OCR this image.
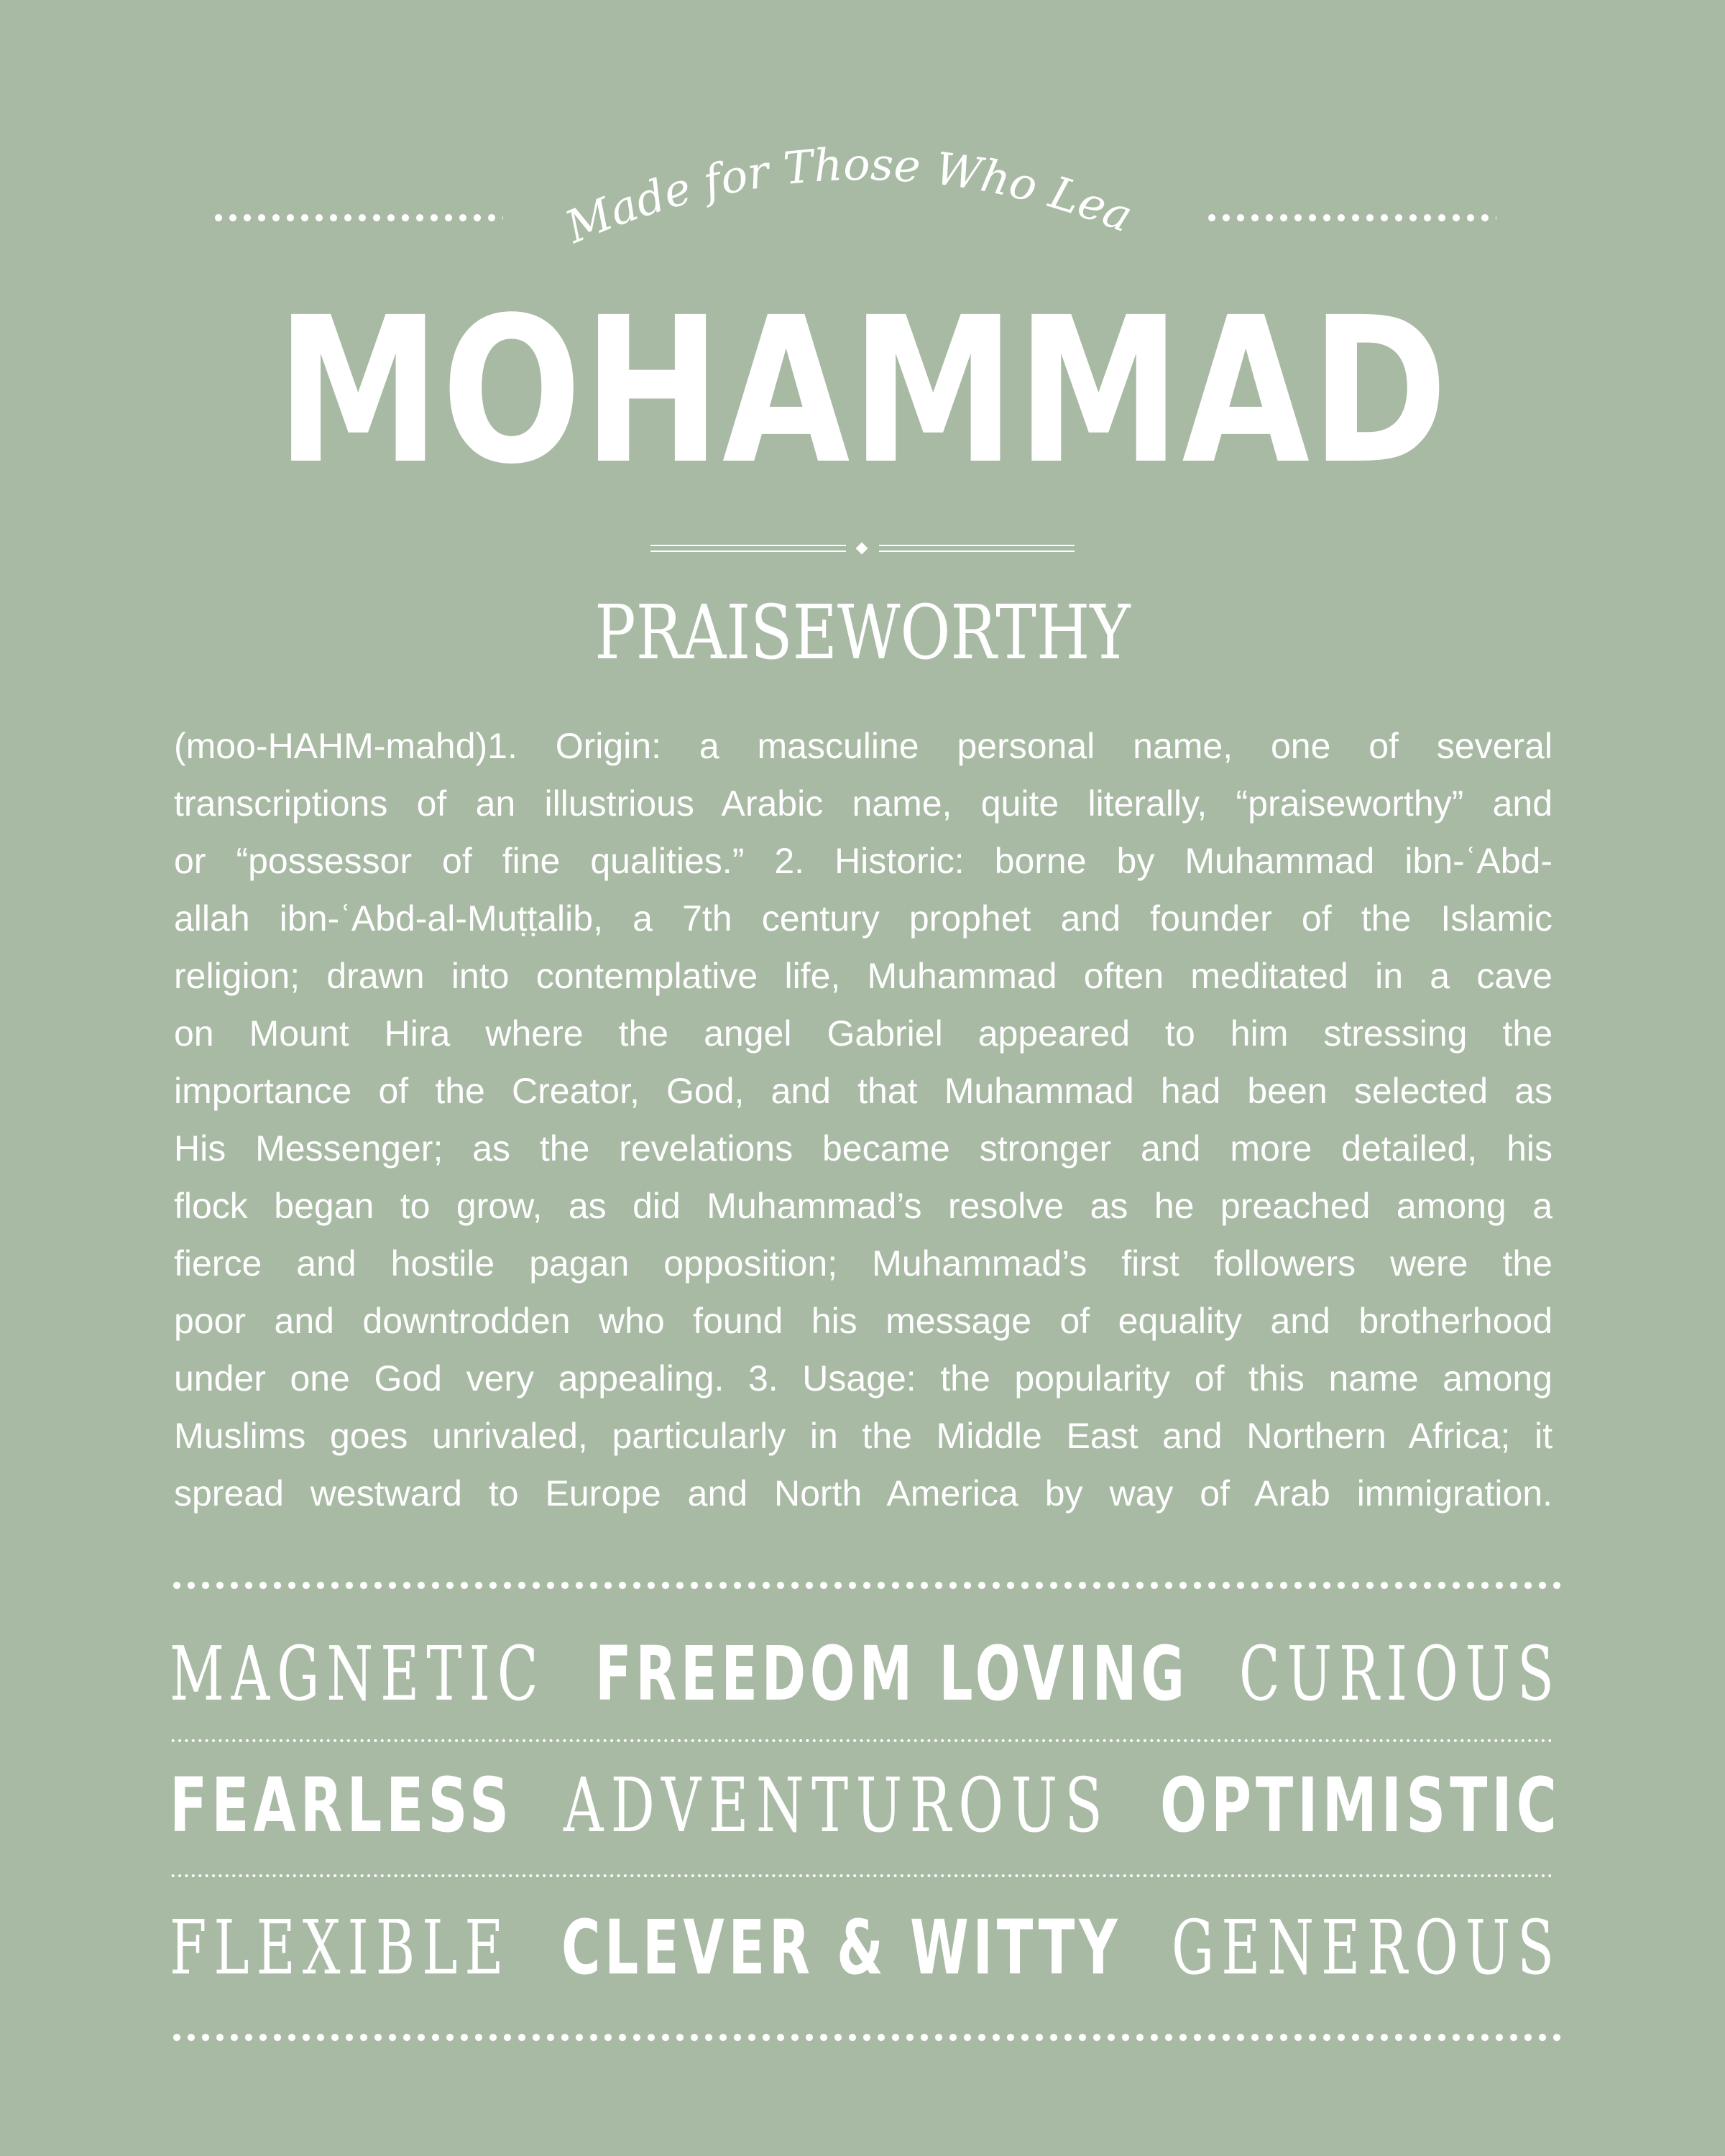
Made for Those Who Lead
MOHAMMAD
PRAISEWORTHY
(moo-HAHM-mahd)1. Origin: a masculine personal name, one of several
transcriptions of an illustrious Arabic name, quite literally, “praiseworthy” and
or “possessor of fine qualities.” 2. Historic: borne by Muhammad ibn-ʿAbd-
allah ibn-ʿAbd-al-Muṭṭalib, a 7th century prophet and founder of the Islamic
religion; drawn into contemplative life, Muhammad often meditated in a cave
on Mount Hira where the angel Gabriel appeared to him stressing the
importance of the Creator, God, and that Muhammad had been selected as
His Messenger; as the revelations became stronger and more detailed, his
flock began to grow, as did Muhammad’s resolve as he preached among a
fierce and hostile pagan opposition; Muhammad’s first followers were the
poor and downtrodden who found his message of equality and brotherhood
under one God very appealing. 3. Usage: the popularity of this name among
Muslims goes unrivaled, particularly in the Middle East and Northern Africa; it
spread westward to Europe and North America by way of Arab immigration.
MAGNETIC FREEDOM LOVING CURIOUS
FEARLESS ADVENTUROUS OPTIMISTIC
FLEXIBLE CLEVER & WITTY GENEROUS
